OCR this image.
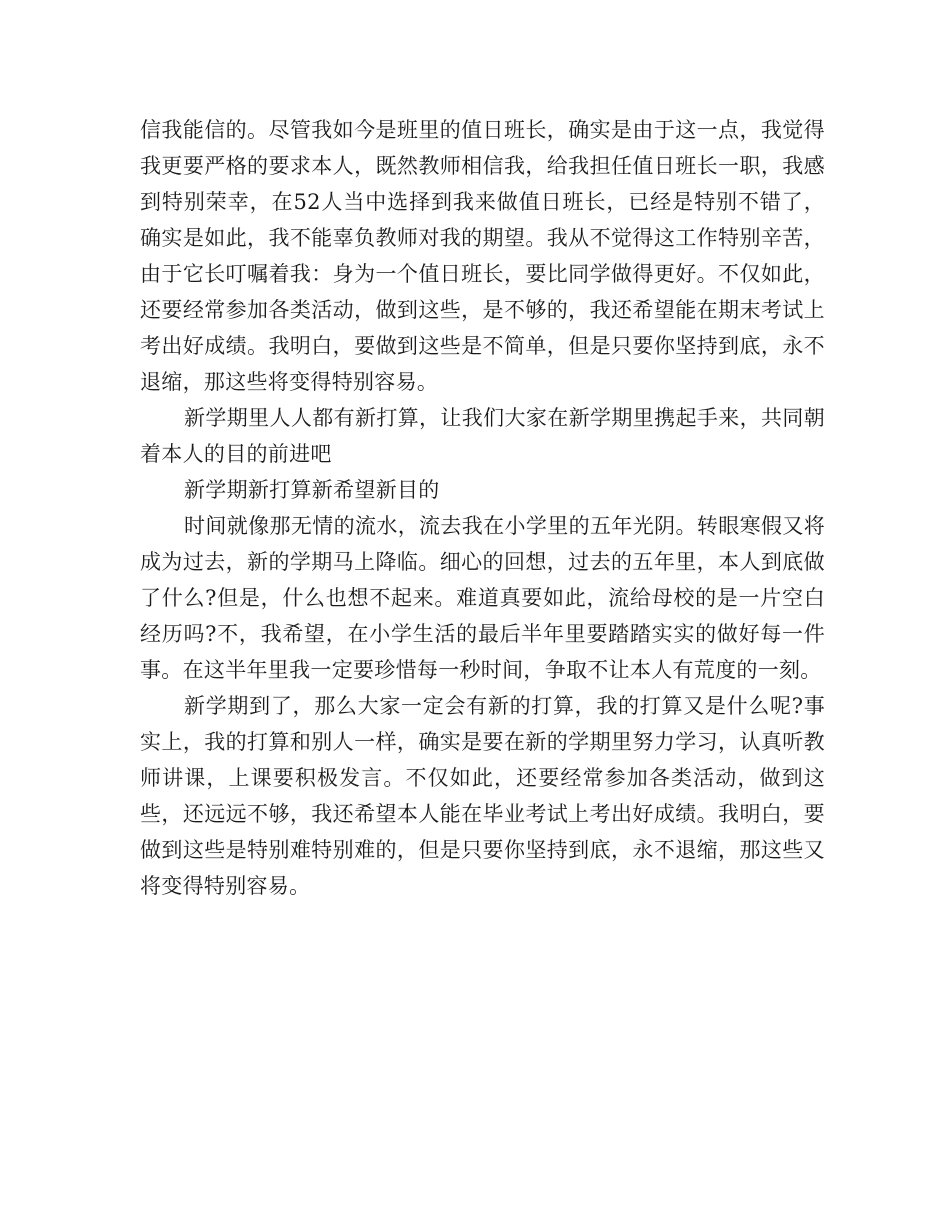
信我能信的。尽管我如今是班里的值日班长，确实是由于这一点，我觉得我更要严格的要求本人，既然教师相信我，给我担任值日班长一职，我感到特别荣幸，在52人当中选择到我来做值日班长，已经是特别不错了，确实是如此，我不能辜负教师对我的期望。我从不觉得这工作特别辛苦，由于它长叮嘱着我：身为一个值日班长，要比同学做得更好。不仅如此，还要经常参加各类活动，做到这些，是不够的，我还希望能在期末考试上考出好成绩。我明白，要做到这些是不简单，但是只要你坚持到底，永不退缩，那这些将变得特别容易。

新学期里人人都有新打算，让我们大家在新学期里携起手来，共同朝着本人的目的前进吧

新学期新打算新希望新目的

时间就像那无情的流水，流去我在小学里的五年光阴。转眼寒假又将成为过去，新的学期马上降临。细心的回想，过去的五年里，本人到底做了什么?但是，什么也想不起来。难道真要如此，流给母校的是一片空白经历吗?不，我希望，在小学生活的最后半年里要踏踏实实的做好每一件事。在这半年里我一定要珍惜每一秒时间，争取不让本人有荒度的一刻。

新学期到了，那么大家一定会有新的打算，我的打算又是什么呢?事实上，我的打算和别人一样，确实是要在新的学期里努力学习，认真听教师讲课，上课要积极发言。不仅如此，还要经常参加各类活动，做到这些，还远远不够，我还希望本人能在毕业考试上考出好成绩。我明白，要做到这些是特别难特别难的，但是只要你坚持到底，永不退缩，那这些又将变得特别容易。
